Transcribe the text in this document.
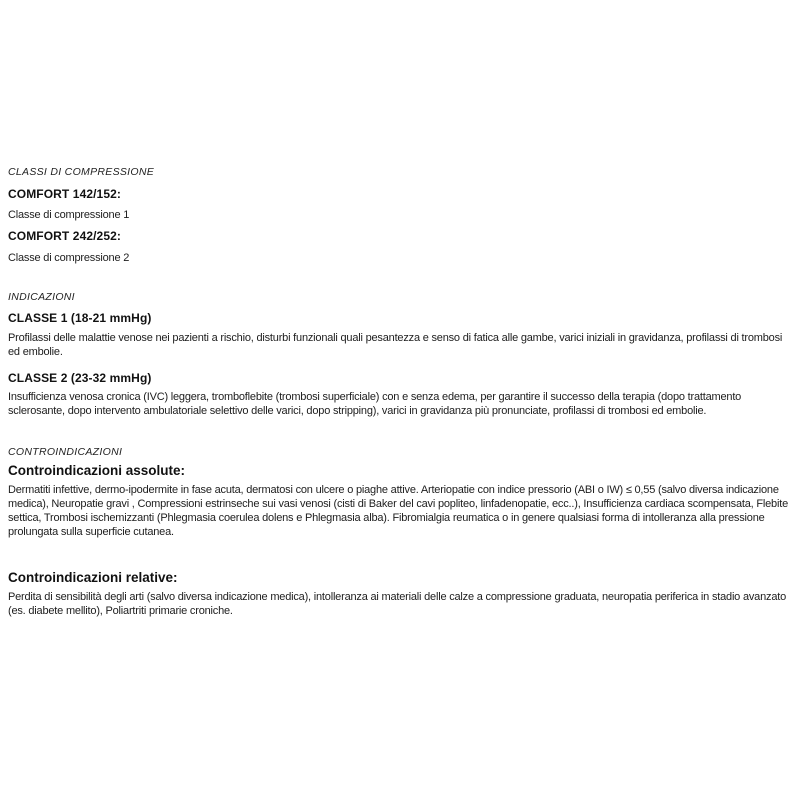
CLASSI DI COMPRESSIONE

COMFORT 142/152:

Classe di compressione 1

COMFORT 242/252:

Classe di compressione 2

INDICAZIONI

CLASSE 1 (18-21 mmHg)

Profilassi delle malattie venose nei pazienti a rischio, disturbi funzionali quali pesantezza e senso di fatica alle gambe, varici iniziali in gravidanza, profilassi di trombosi ed embolie.

CLASSE 2 (23-32 mmHg)

Insufficienza venosa cronica (IVC) leggera, tromboflebite (trombosi superficiale) con e senza edema, per garantire il successo della terapia (dopo trattamento sclerosante, dopo intervento ambulatoriale selettivo delle varici, dopo stripping), varici in gravidanza più pronunciate, profilassi di trombosi ed embolie.

CONTROINDICAZIONI
Controindicazioni assolute:

Dermatiti infettive, dermo-ipodermite in fase acuta, dermatosi con ulcere o piaghe attive. Arteriopatie con indice pressorio (ABI o IW) ≤ 0,55 (salvo diversa indicazione medica), Neuropatie gravi , Compressioni estrinseche sui vasi venosi (cisti di Baker del cavi popliteo, linfadenopatie, ecc..), Insufficienza cardiaca scompensata, Flebite settica, Trombosi ischemizzanti (Phlegmasia coerulea dolens e Phlegmasia alba). Fibromialgia reumatica o in genere qualsiasi forma di intolleranza alla pressione prolungata sulla superficie cutanea.

Controindicazioni relative:

Perdita di sensibilità degli arti (salvo diversa indicazione medica), intolleranza ai materiali delle calze a compressione graduata, neuropatia periferica in stadio avanzato (es. diabete mellito), Poliartriti primarie croniche.
